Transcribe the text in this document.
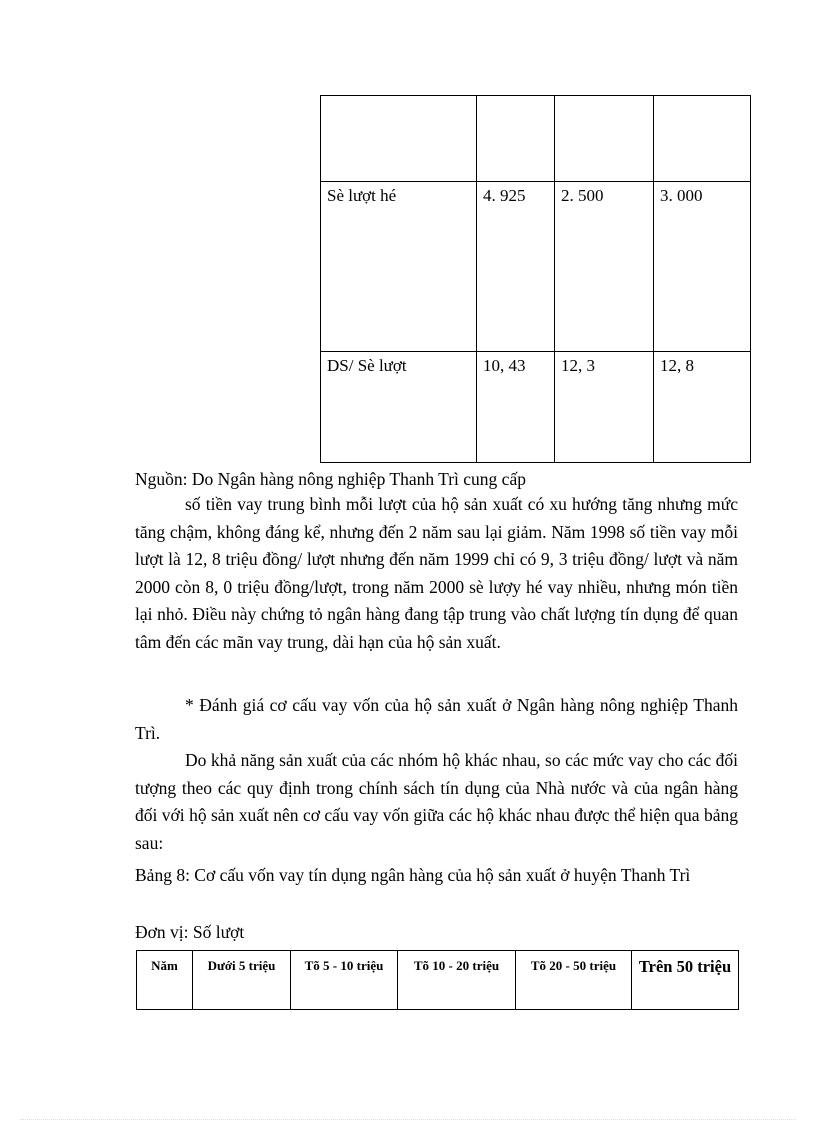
Sè lượt hé	4. 925	2. 500	3. 000
DS/ Sè lượt	10, 43	12, 3	12, 8
Nguồn: Do Ngân hàng nông nghiệp Thanh Trì cung cấp

số tiền vay trung bình mỗi lượt của hộ sản xuất có xu hướng tăng nhưng mức tăng chậm, không đáng kể, nhưng đến 2 năm sau lại giảm. Năm 1998 số tiền vay mỗi lượt là 12, 8 triệu đồng/ lượt nhưng đến năm 1999 chỉ có 9, 3 triệu đồng/ lượt và năm 2000 còn 8, 0 triệu đồng/lượt, trong năm 2000 sè lượy hé vay nhiều, nhưng món tiền lại nhỏ. Điều này chứng tỏ ngân hàng đang tập trung vào chất lượng tín dụng để quan tâm đến các mãn vay trung, dài hạn của hộ sản xuất.

* Đánh giá cơ cấu vay vốn của hộ sản xuất ở Ngân hàng nông nghiệp Thanh Trì.

Do khả năng sản xuất của các nhóm hộ khác nhau, so các mức vay cho các đối tượng theo các quy định trong chính sách tín dụng của Nhà nước và của ngân hàng đối với hộ sản xuất nên cơ cấu vay vốn giữa các hộ khác nhau được thể hiện qua bảng sau:

Bảng 8: Cơ cấu vốn vay tín dụng ngân hàng của hộ sản xuất ở huyện Thanh Trì

Đơn vị: Số lượt

Năm	Dưới 5 triệu	Tõ 5 - 10 triệu	Tõ 10 - 20 triệu	Tõ 20 - 50 triệu	Trên 50 triệu
